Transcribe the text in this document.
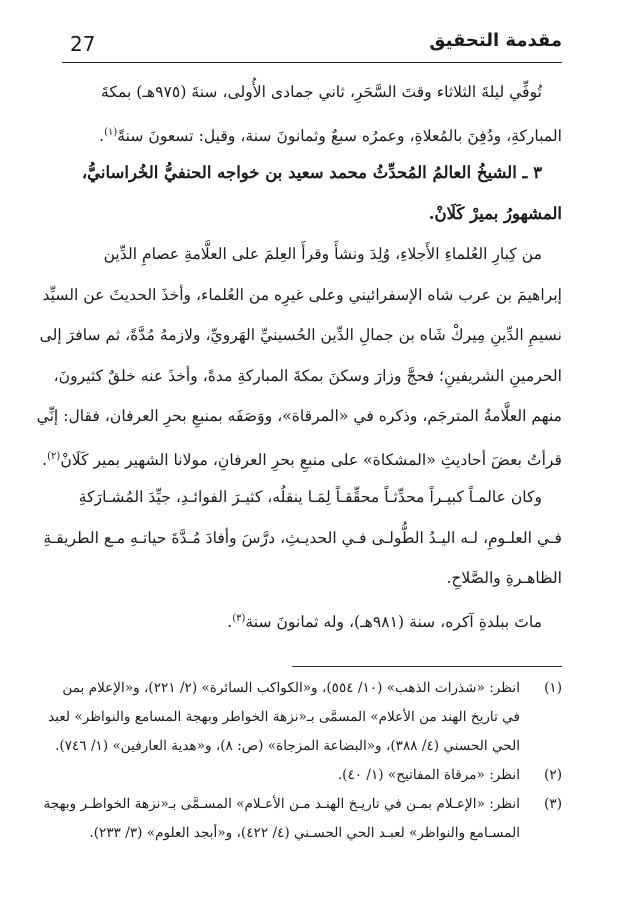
27	مقدمة التحقيق
تُوفِّي ليلةَ الثلاثاء وقتَ السَّحَرِ، ثاني جمادى الأُولى، سنةَ (٩٧٥هـ) بمكةَ
المباركةِ، ودُفِنَ بالمُعلاةِ، وعمرُه سبعٌ وثمانونَ سنة، وقيل: تسعونَ سنةً$^{(١)}$.
٣ ـ الشيخُ العالمُ المُحدِّثُ محمد سعيد بن خواجه الحنفيُّ الخُراسانيُّ،
المشهورُ بميرْ كَلَانْ.
من كِبارِ العُلماءِ الأَجلاءِ، وُلِدَ ونشأَ وقرأَ العِلمَ على العلَّامةِ عصامِ الدِّين
إبراهيمَ بن عرب شاه الإسفرائيني وعلى غيرِه من العُلماء، وأخذَ الحديثَ عن السيِّد
نسيمِ الدِّينِ مِيركْ شَاه بن جمالِ الدِّين الحُسينيِّ الهَرويِّ، ولازمهُ مُدَّةً، ثم سافرَ إلى
الحرمينِ الشريفينِ؛ فحجَّ وزارَ وسكنَ بمكةَ المباركةِ مدةً، وأخذَ عنه خلقٌ كثيرونَ،
منهم العلَّامةُ المترجَم، وذكره في «المرقاة»، ووَصَفَه بمنبعِ بحرِ العرفان، فقال: إنِّي
قرأتُ بعضَ أحاديثِ «المشكاة» على منبعِ بحرِ العرفانِ، مولانا الشهير بمير كَلَانْ$^{(٢)}$.
وكان عالمـاً كبيـراً محدِّثـاً محقِّقـاً لِمَـا ينقلُه، كثيـرَ الفوائـدِ، جيِّدَ المُشـارَكةِ
فـي العلـومِ، لـه اليـدُ الطُّولـى فـي الحديـثِ، درَّسَ وأفادَ مُـدَّةَ حياتـهِ مـع الطريقـةِ
الظاهـرةِ والصَّلاحِ.
ماتَ ببلدةِ آكره، سنة (٩٨١هـ)، وله ثمانونَ سنة$^{(٣)}$.
(١)
انظر: «شذرات الذهب» (١٠/ ٥٥٤)، و«الكواكب السائرة» (٢/ ٢٢١)، و«الإعلام بمن
في تاريخ الهند من الأعلام» المسمَّى بـ«نزهة الخواطر وبهجة المسامع والنواظر» لعبد
الحي الحسني (٤/ ٣٨٨)، و«البضاعة المزجاة» (ص: ٨)، و«هدية العارفين» (١/ ٧٤٦).
(٢)
انظر: «مرقاة المفاتيح» (١/ ٤٠).
(٣)
انظر: «الإعـلام بمـن في تاريـخ الهنـد مـن الأعـلام» المسـمَّى بـ«نزهة الخواطـر وبهجة
المسـامع والنواظر» لعبـد الحي الحسـني (٤/ ٤٢٢)، و«أبجد العلوم» (٣/ ٢٣٣).
